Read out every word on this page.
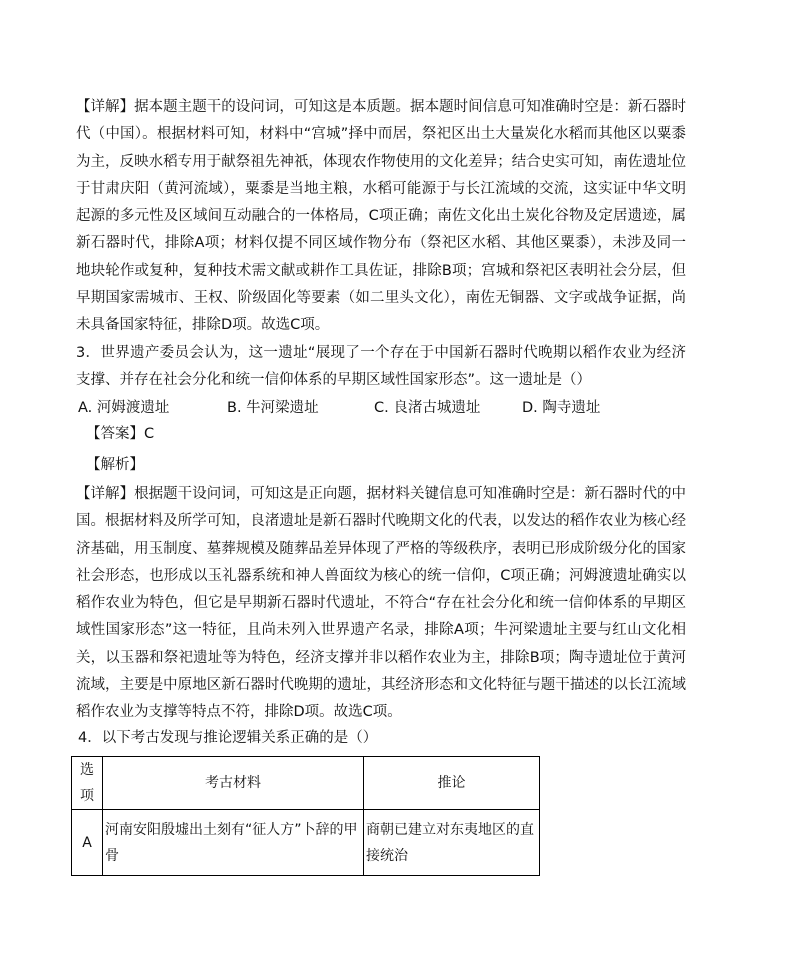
【详解】据本题主题干的设问词，可知这是本质题。据本题时间信息可知准确时空是：新石器时代（中国）。根据材料可知，材料中“宫城”择中而居，祭祀区出土大量炭化水稻而其他区以粟黍为主，反映水稻专用于献祭祖先神祇，体现农作物使用的文化差异；结合史实可知，南佐遗址位于甘肃庆阳（黄河流域），粟黍是当地主粮，水稻可能源于与长江流域的交流，这实证中华文明起源的多元性及区域间互动融合的一体格局，C项正确；南佐文化出土炭化谷物及定居遗迹，属新石器时代，排除A项；材料仅提不同区域作物分布（祭祀区水稻、其他区粟黍），未涉及同一地块轮作或复种，复种技术需文献或耕作工具佐证，排除B项；宫城和祭祀区表明社会分层，但早期国家需城市、王权、阶级固化等要素（如二里头文化），南佐无铜器、文字或战争证据，尚未具备国家特征，排除D项。故选C项。

3．世界遗产委员会认为，这一遗址“展现了一个存在于中国新石器时代晚期以稻作农业为经济支撑、并存在社会分化和统一信仰体系的早期区域性国家形态”。这一遗址是（）

A. 河姆渡遗址	B. 牛河梁遗址	C. 良渚古城遗址	D. 陶寺遗址

【答案】C

【解析】

【详解】根据题干设问词，可知这是正向题，据材料关键信息可知准确时空是：新石器时代的中国。根据材料及所学可知，良渚遗址是新石器时代晚期文化的代表，以发达的稻作农业为核心经济基础，用玉制度、墓葬规模及随葬品差异体现了严格的等级秩序，表明已形成阶级分化的国家社会形态，也形成以玉礼器系统和神人兽面纹为核心的统一信仰，C项正确；河姆渡遗址确实以稻作农业为特色，但它是早期新石器时代遗址，不符合“存在社会分化和统一信仰体系的早期区域性国家形态”这一特征，且尚未列入世界遗产名录，排除A项；牛河梁遗址主要与红山文化相关，以玉器和祭祀遗址等为特色，经济支撑并非以稻作农业为主，排除B项；陶寺遗址位于黄河流域，主要是中原地区新石器时代晚期的遗址，其经济形态和文化特征与题干描述的以长江流域稻作农业为支撑等特点不符，排除D项。故选C项。

4．以下考古发现与推论逻辑关系正确的是（）

选项	考古材料	推论
A	河南安阳殷墟出土刻有“征人方”卜辞的甲骨	商朝已建立对东夷地区的直接统治
